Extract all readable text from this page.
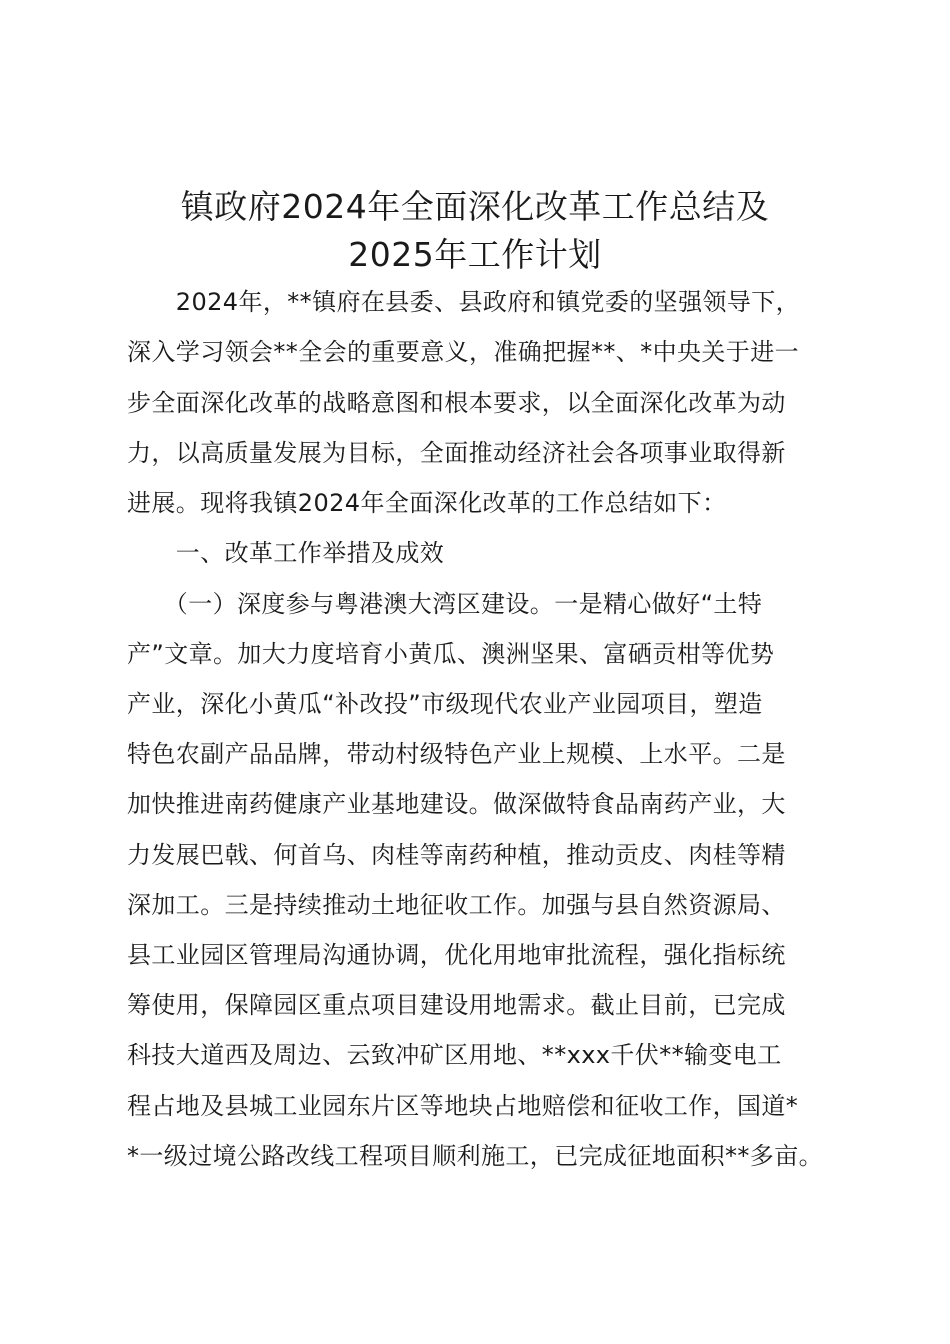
镇政府2024年全面深化改革工作总结及
2025年工作计划
　　2024年，**镇府在县委、县政府和镇党委的坚强领导下，
深入学习领会**全会的重要意义，准确把握**、*中央关于进一
步全面深化改革的战略意图和根本要求，以全面深化改革为动
力，以高质量发展为目标，全面推动经济社会各项事业取得新
进展。现将我镇2024年全面深化改革的工作总结如下：
　　一、改革工作举措及成效
　　（一）深度参与粤港澳大湾区建设。一是精心做好“土特
产”文章。加大力度培育小黄瓜、澳洲坚果、富硒贡柑等优势
产业，深化小黄瓜“补改投”市级现代农业产业园项目，塑造
特色农副产品品牌，带动村级特色产业上规模、上水平。二是
加快推进南药健康产业基地建设。做深做特食品南药产业，大
力发展巴戟、何首乌、肉桂等南药种植，推动贡皮、肉桂等精
深加工。三是持续推动土地征收工作。加强与县自然资源局、
县工业园区管理局沟通协调，优化用地审批流程，强化指标统
筹使用，保障园区重点项目建设用地需求。截止目前，已完成
科技大道西及周边、云致冲矿区用地、**xxx千伏**输变电工
程占地及县城工业园东片区等地块占地赔偿和征收工作，国道*
*一级过境公路改线工程项目顺利施工，已完成征地面积**多亩。
